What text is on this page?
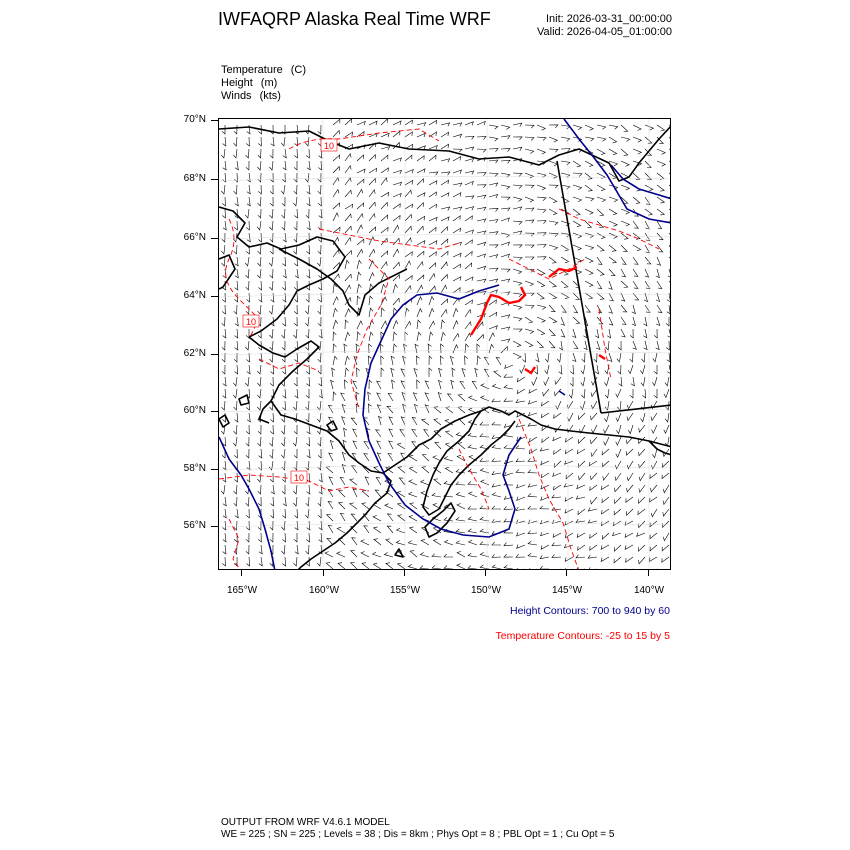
IWFAQRP Alaska Real Time WRF	Init: 2026-03-31_00:00:00
Valid: 2026-04-05_01:00:00
Temperature (C)
Height (m)
Winds (kts)
70°N
68°N
66°N
64°N
62°N
60°N
58°N
56°N
10
10
10
165°W	160°W	155°W	150°W	145°W	140°W
Height Contours: 700 to 940 by 60
Temperature Contours: -25 to 15 by 5
OUTPUT FROM WRF V4.6.1 MODEL
WE = 225 ; SN = 225 ; Levels = 38 ; Dis = 8km ; Phys Opt = 8 ; PBL Opt = 1 ; Cu Opt = 5
